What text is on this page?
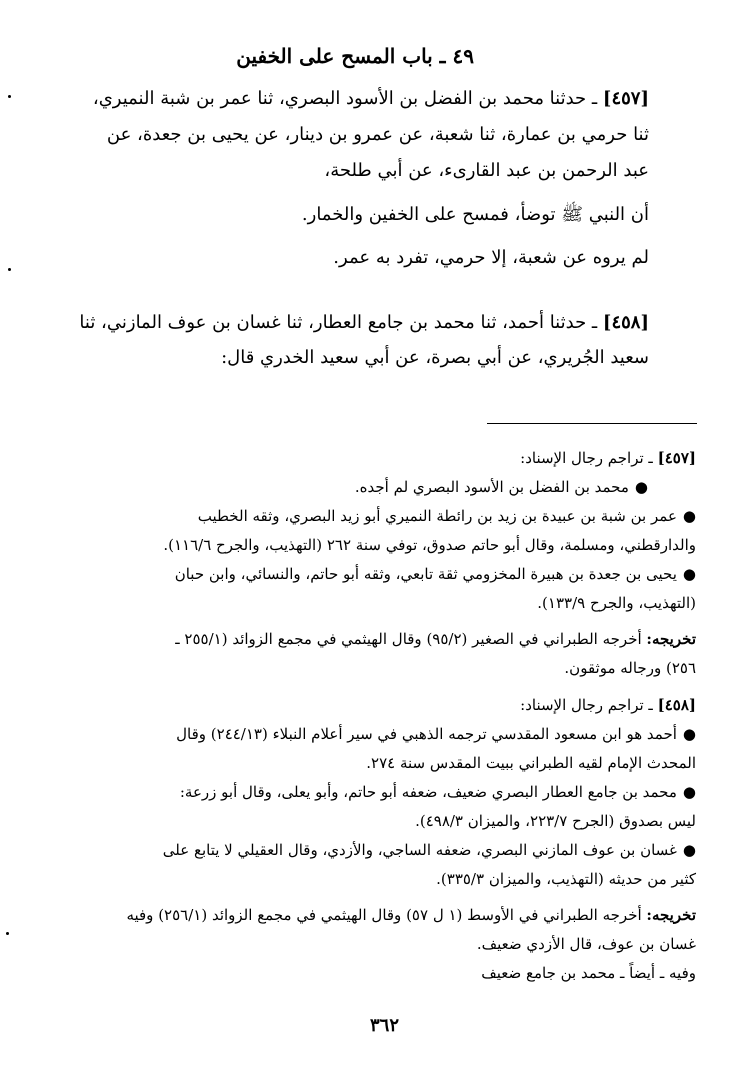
٤٩ ـ باب المسح على الخفين
[٤٥٧] ـ حدثنا محمد بن الفضل بن الأسود البصري، ثنا عمر بن شبة النميري،
ثنا حرمي بن عمارة، ثنا شعبة، عن عمرو بن دينار، عن يحيى بن جعدة، عن
عبد الرحمن بن عبد القارىء، عن أبي طلحة،
أن النبي ﷺ توضأ، فمسح على الخفين والخمار.
لم يروه عن شعبة، إلا حرمي، تفرد به عمر.
[٤٥٨] ـ حدثنا أحمد، ثنا محمد بن جامع العطار، ثنا غسان بن عوف المازني، ثنا
سعيد الجُريري، عن أبي بصرة، عن أبي سعيد الخدري قال:
[٤٥٧] ـ تراجم رجال الإسناد:
●محمد بن الفضل بن الأسود البصري لم أجده.
●عمر بن شبة بن عبيدة بن زيد بن رائطة النميري أبو زيد البصري، وثقه الخطيب
والدارقطني، ومسلمة، وقال أبو حاتم صدوق، توفي سنة ٢٦٢ (التهذيب، والجرح ١١٦/٦).
●يحيى بن جعدة بن هبيرة المخزومي ثقة تابعي، وثقه أبو حاتم، والنسائي، وابن حبان
(التهذيب، والجرح ١٣٣/٩).
تخريجه: أخرجه الطبراني في الصغير (٩٥/٢) وقال الهيثمي في مجمع الزوائد (٢٥٥/١ ـ
٢٥٦) ورجاله موثقون.
[٤٥٨] ـ تراجم رجال الإسناد:
●أحمد هو ابن مسعود المقدسي ترجمه الذهبي في سير أعلام النبلاء (٢٤٤/١٣) وقال
المحدث الإمام لقيه الطبراني ببيت المقدس سنة ٢٧٤.
●محمد بن جامع العطار البصري ضعيف، ضعفه أبو حاتم، وأبو يعلى، وقال أبو زرعة:
ليس بصدوق (الجرح ٢٢٣/٧، والميزان ٤٩٨/٣).
●غسان بن عوف المازني البصري، ضعفه الساجي، والأزدي، وقال العقيلي لا يتابع على
كثير من حديثه (التهذيب، والميزان ٣٣٥/٣).
تخريجه: أخرجه الطبراني في الأوسط (١ ل ٥٧) وقال الهيثمي في مجمع الزوائد (٢٥٦/١) وفيه
غسان بن عوف، قال الأزدي ضعيف.
وفيه ـ أيضاً ـ محمد بن جامع ضعيف
٣٦٢
